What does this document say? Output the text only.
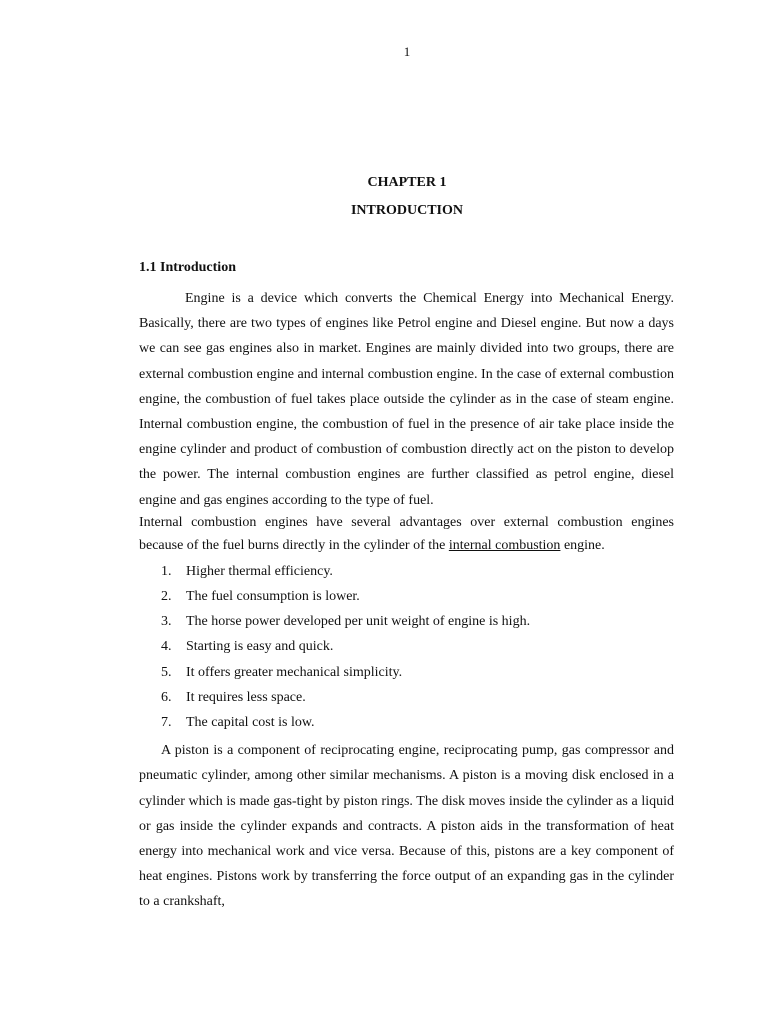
1
CHAPTER 1
INTRODUCTION
1.1 Introduction

Engine is a device which converts the Chemical Energy into Mechanical Energy. Basically, there are two types of engines like Petrol engine and Diesel engine. But now a days we can see gas engines also in market. Engines are mainly divided into two groups, there are external combustion engine and internal combustion engine. In the case of external combustion engine, the combustion of fuel takes place outside the cylinder as in the case of steam engine. Internal combustion engine, the combustion of fuel in the presence of air take place inside the engine cylinder and product of combustion of combustion directly act on the piston to develop the power. The internal combustion engines are further classified as petrol engine, diesel engine and gas engines according to the type of fuel.

Internal combustion engines have several advantages over external combustion engines because of the fuel burns directly in the cylinder of the internal combustion engine.

1. Higher thermal efficiency.
2. The fuel consumption is lower.
3. The horse power developed per unit weight of engine is high.
4. Starting is easy and quick.
5. It offers greater mechanical simplicity.
6. It requires less space.
7. The capital cost is low.

A piston is a component of reciprocating engine, reciprocating pump, gas compressor and pneumatic cylinder, among other similar mechanisms. A piston is a moving disk enclosed in a cylinder which is made gas-tight by piston rings. The disk moves inside the cylinder as a liquid or gas inside the cylinder expands and contracts. A piston aids in the transformation of heat energy into mechanical work and vice versa. Because of this, pistons are a key component of heat engines. Pistons work by transferring the force output of an expanding gas in the cylinder to a crankshaft,
